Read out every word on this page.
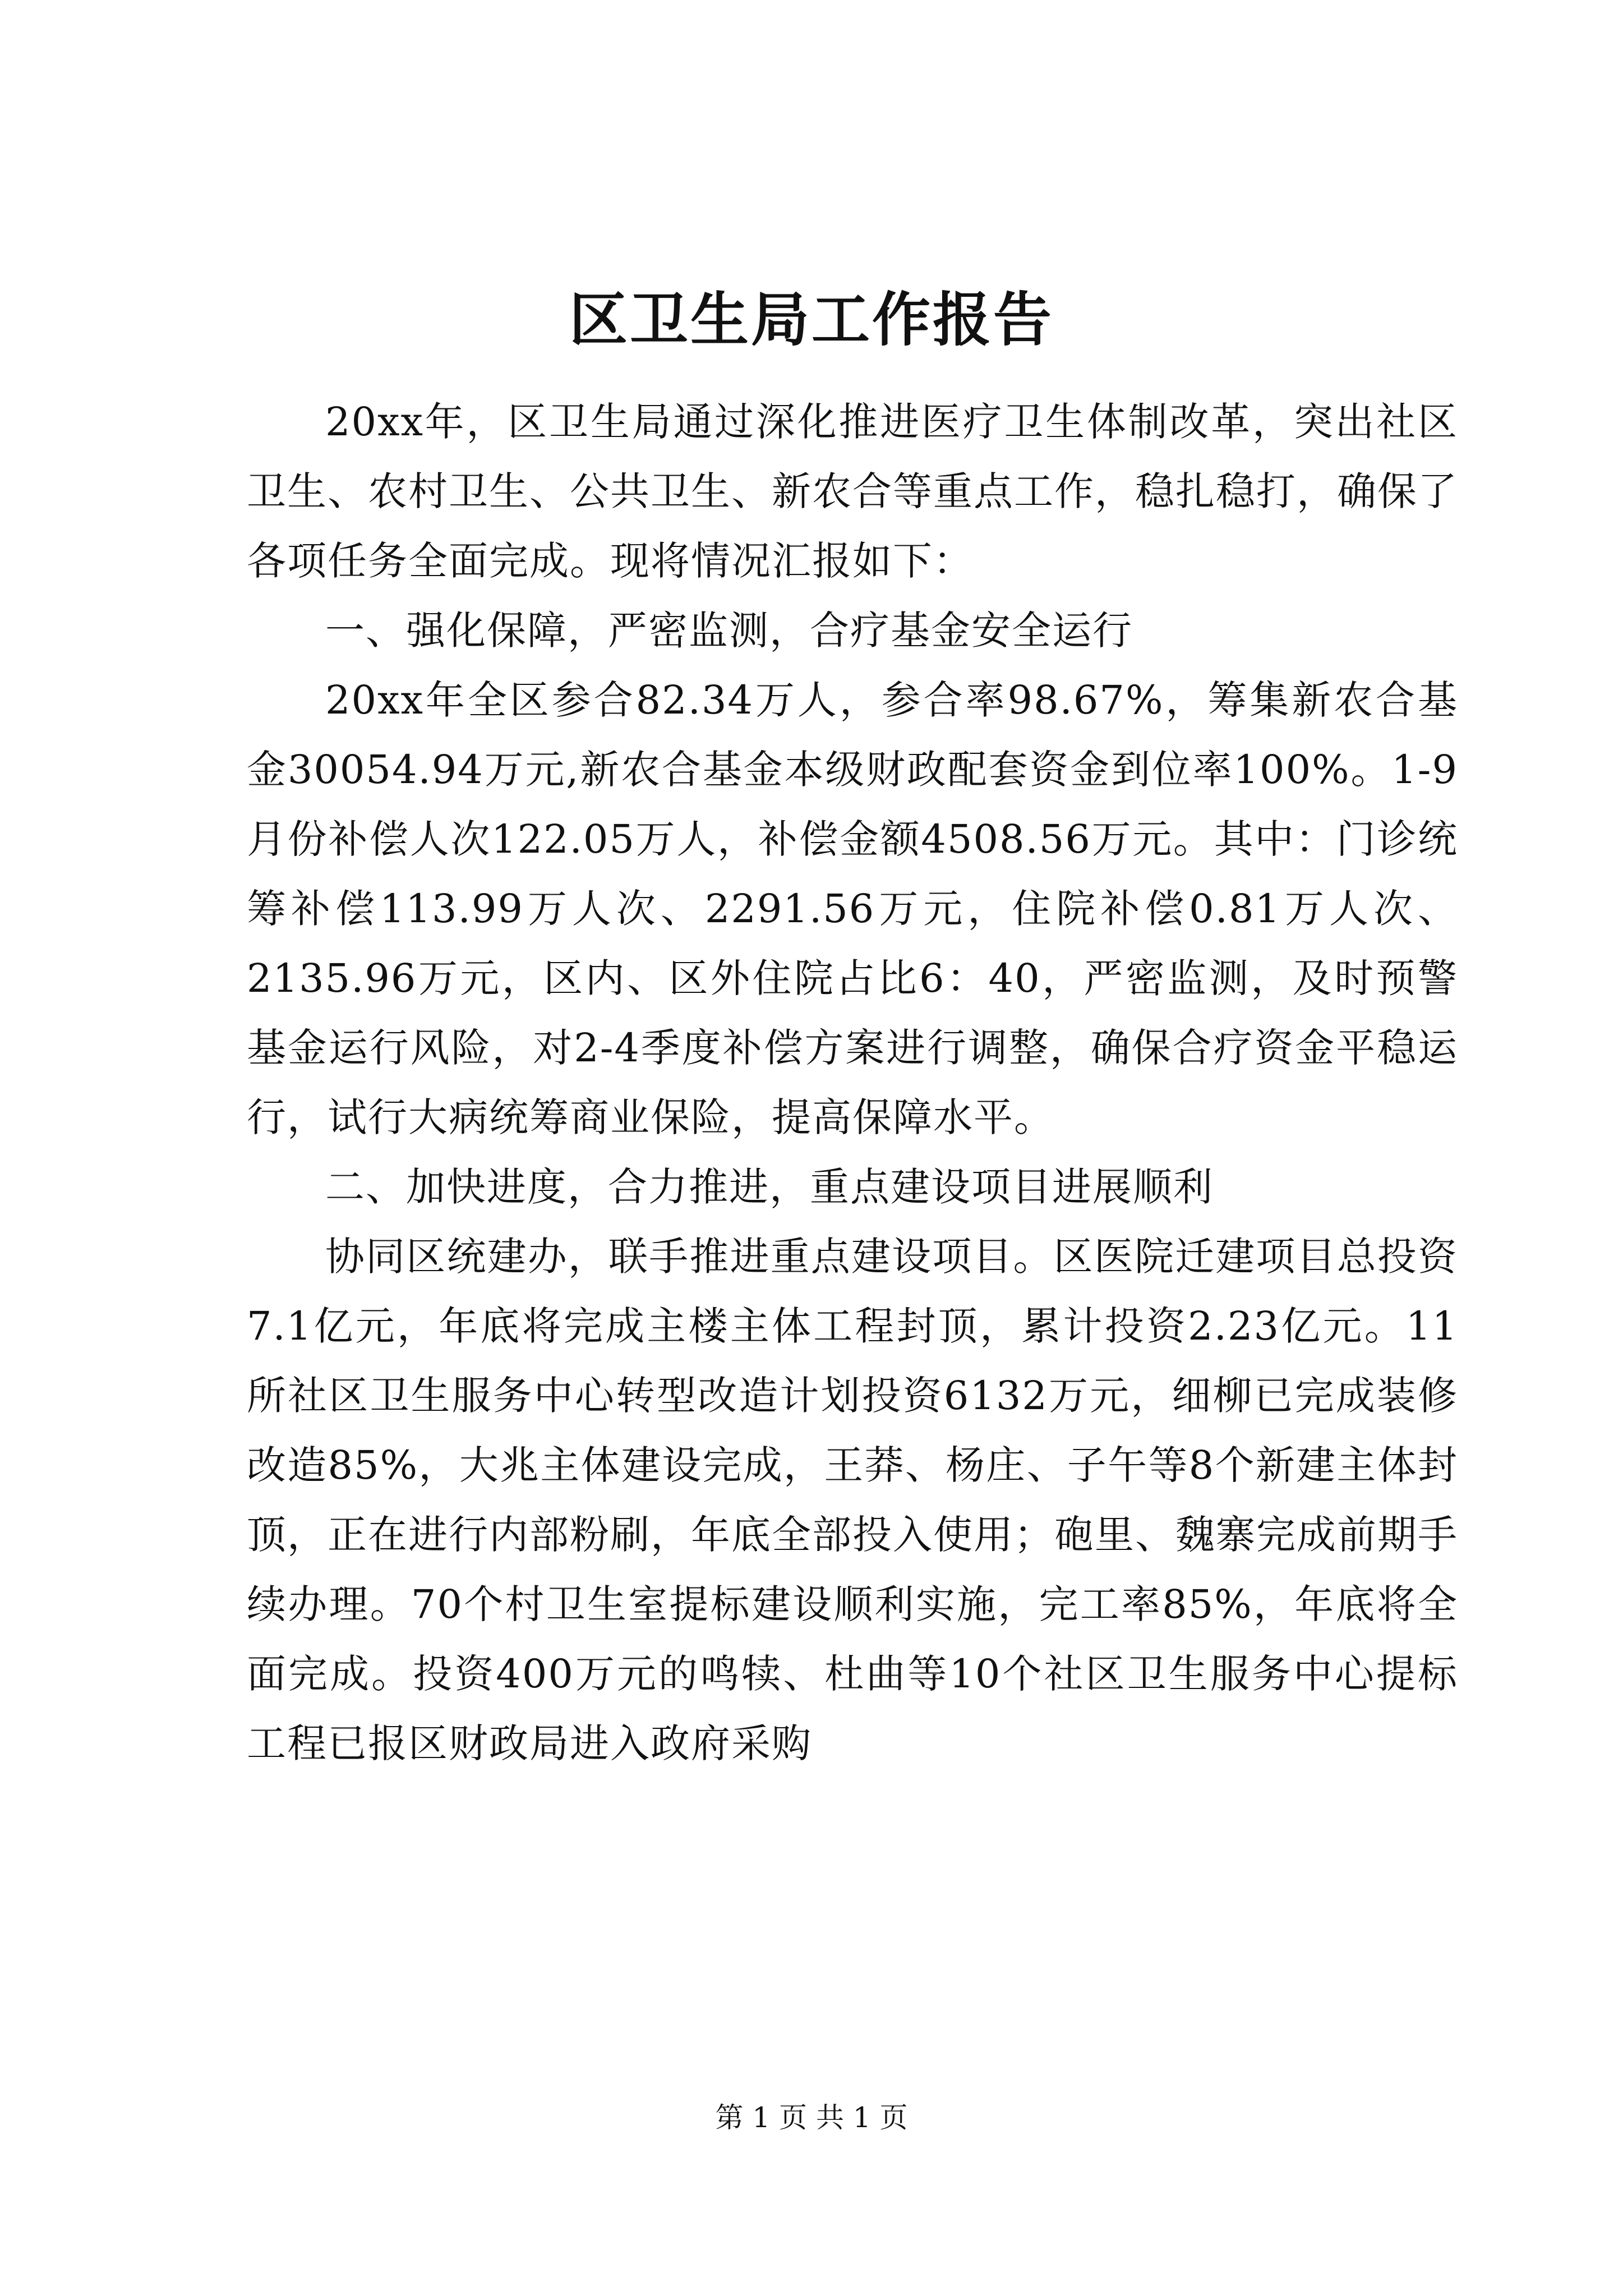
区卫生局工作报告

20xx年，区卫生局通过深化推进医疗卫生体制改革，突出社区卫生、农村卫生、公共卫生、新农合等重点工作，稳扎稳打，确保了各项任务全面完成。现将情况汇报如下：

一、强化保障，严密监测，合疗基金安全运行

20xx年全区参合82.34万人，参合率98.67%，筹集新农合基金30054.94万元,新农合基金本级财政配套资金到位率100%。1-9月份补偿人次122.05万人，补偿金额4508.56万元。其中：门诊统筹补偿113.99万人次、2291.56万元，住院补偿0.81万人次、2135.96万元，区内、区外住院占比6：40，严密监测，及时预警基金运行风险，对2-4季度补偿方案进行调整，确保合疗资金平稳运行，试行大病统筹商业保险，提高保障水平。

二、加快进度，合力推进，重点建设项目进展顺利

协同区统建办，联手推进重点建设项目。区医院迁建项目总投资7.1亿元，年底将完成主楼主体工程封顶，累计投资2.23亿元。11所社区卫生服务中心转型改造计划投资6132万元，细柳已完成装修改造85%，大兆主体建设完成，王莽、杨庄、子午等8个新建主体封顶，正在进行内部粉刷，年底全部投入使用；砲里、魏寨完成前期手续办理。70个村卫生室提标建设顺利实施，完工率85%，年底将全面完成。投资400万元的鸣犊、杜曲等10个社区卫生服务中心提标工程已报区财政局进入政府采购

第 1 页 共 1 页
